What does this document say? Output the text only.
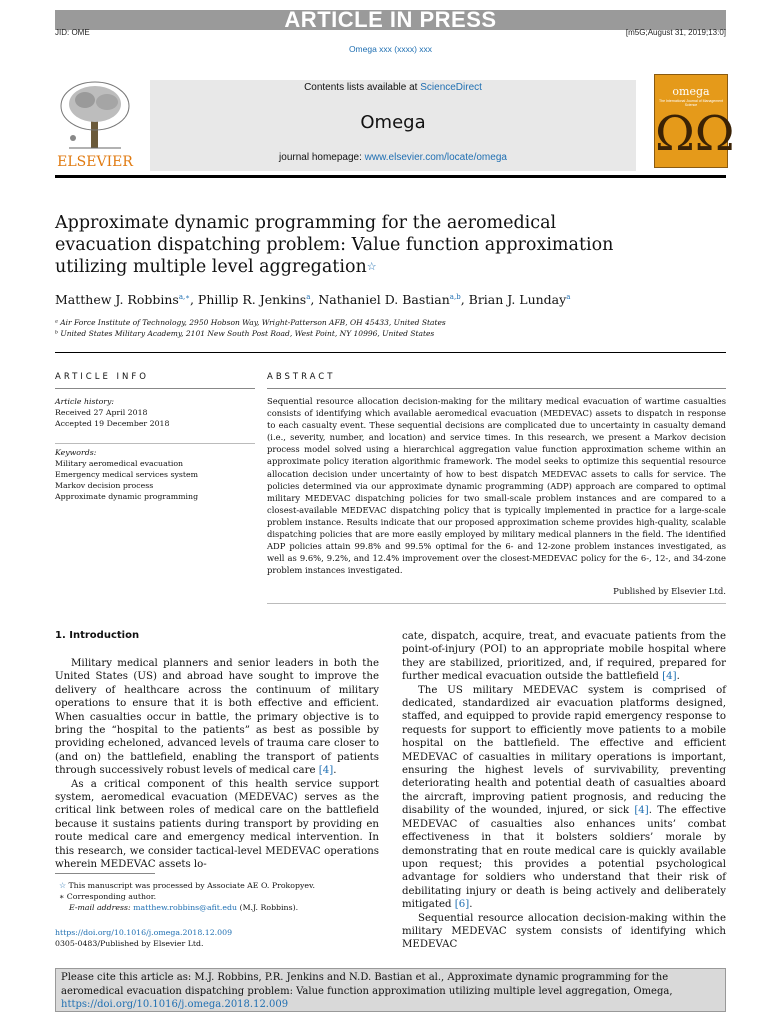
ARTICLE IN PRESS
JID: OME	[m5G;August 31, 2019;13:0]
Omega xxx (xxxx) xxx
ELSEVIER
Contents lists available at ScienceDirect
Omega
journal homepage: www.elsevier.com/locate/omega
omega
The International Journal of Management Science
ΩΩ
Approximate dynamic programming for the aeromedical evacuation dispatching problem: Value function approximation utilizing multiple level aggregation☆
Matthew J. Robbins$^{a,∗}$, Phillip R. Jenkins$^a$, Nathaniel D. Bastian$^{a,b}$, Brian J. Lunday$^a$
ᵃ Air Force Institute of Technology, 2950 Hobson Way, Wright-Patterson AFB, OH 45433, United States
ᵇ United States Military Academy, 2101 New South Post Road, West Point, NY 10996, United States
ARTICLE INFO
Article history:
Received 27 April 2018
Accepted 19 December 2018
Keywords:
Military aeromedical evacuation
Emergency medical services system
Markov decision process
Approximate dynamic programming
ABSTRACT
Sequential resource allocation decision-making for the military medical evacuation of wartime casualties consists of identifying which available aeromedical evacuation (MEDEVAC) assets to dispatch in response to each casualty event. These sequential decisions are complicated due to uncertainty in casualty demand (i.e., severity, number, and location) and service times. In this research, we present a Markov decision process model solved using a hierarchical aggregation value function approximation scheme within an approximate policy iteration algorithmic framework. The model seeks to optimize this sequential resource allocation decision under uncertainty of how to best dispatch MEDEVAC assets to calls for service. The policies determined via our approximate dynamic programming (ADP) approach are compared to optimal military MEDEVAC dispatching policies for two small-scale problem instances and are compared to a closest-available MEDEVAC dispatching policy that is typically implemented in practice for a large-scale problem instance. Results indicate that our proposed approximation scheme provides high-quality, scalable dispatching policies that are more easily employed by military medical planners in the field. The identified ADP policies attain 99.8% and 99.5% optimal for the 6- and 12-zone problem instances investigated, as well as 9.6%, 9.2%, and 12.4% improvement over the closest-MEDEVAC policy for the 6-, 12-, and 34-zone problem instances investigated.
Published by Elsevier Ltd.
1. Introduction

Military medical planners and senior leaders in both the United States (US) and abroad have sought to improve the delivery of healthcare across the continuum of military operations to ensure that it is both effective and efficient. When casualties occur in battle, the primary objective is to bring the “hospital to the patients” as best as possible by providing echeloned, advanced levels of trauma care closer to (and on) the battlefield, enabling the transport of patients through successively robust levels of medical care [4].

As a critical component of this health service support system, aeromedical evacuation (MEDEVAC) serves as the critical link between roles of medical care on the battlefield because it sustains patients during transport by providing en route medical care and emergency medical intervention. In this research, we consider tactical-level MEDEVAC operations wherein MEDEVAC assets lo-

☆ This manuscript was processed by Associate AE O. Prokopyev.
∗ Corresponding author.
E-mail address: matthew.robbins@afit.edu (M.J. Robbins).
https://doi.org/10.1016/j.omega.2018.12.009
0305-0483/Published by Elsevier Ltd.
cate, dispatch, acquire, treat, and evacuate patients from the point-of-injury (POI) to an appropriate mobile hospital where they are stabilized, prioritized, and, if required, prepared for further medical evacuation outside the battlefield [4].

The US military MEDEVAC system is comprised of dedicated, standardized air evacuation platforms designed, staffed, and equipped to provide rapid emergency response to requests for support to efficiently move patients to a mobile hospital on the battlefield. The effective and efficient MEDEVAC of casualties in military operations is important, ensuring the highest levels of survivability, preventing deteriorating health and potential death of casualties aboard the aircraft, improving patient prognosis, and reducing the disability of the wounded, injured, or sick [4]. The effective MEDEVAC of casualties also enhances units’ combat effectiveness in that it bolsters soldiers’ morale by demonstrating that en route medical care is quickly available upon request; this provides a potential psychological advantage for soldiers who understand that their risk of debilitating injury or death is being actively and deliberately mitigated [6].

Sequential resource allocation decision-making within the military MEDEVAC system consists of identifying which MEDEVAC

Please cite this article as: M.J. Robbins, P.R. Jenkins and N.D. Bastian et al., Approximate dynamic programming for the aeromedical evacuation dispatching problem: Value function approximation utilizing multiple level aggregation, Omega, https://doi.org/10.1016/j.omega.2018.12.009
